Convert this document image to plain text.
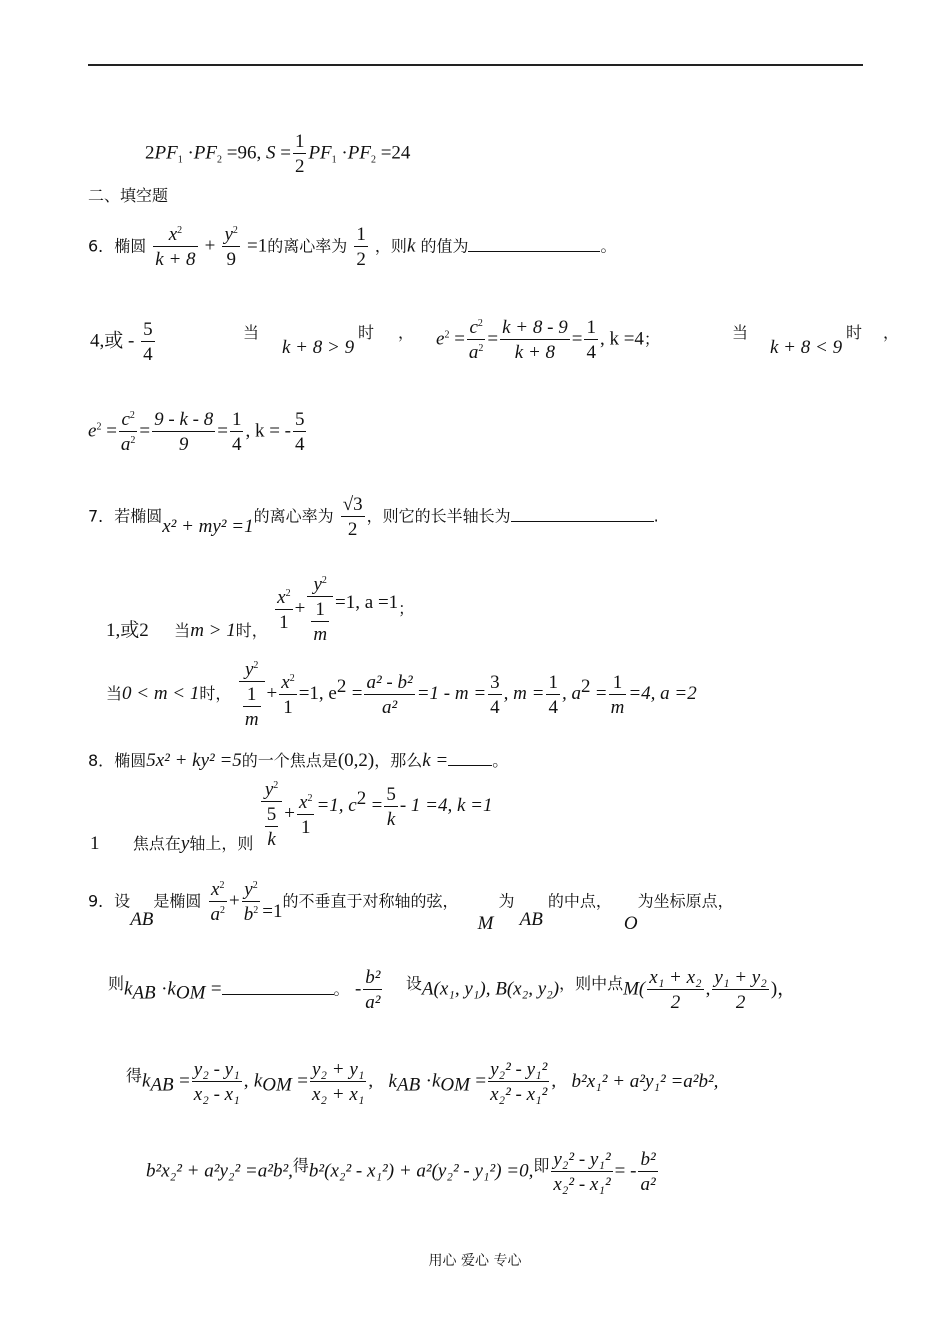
$2PF_1 \cdot PF_2 =96$, $S = \frac{1}{2} PF_1 \cdot PF_2 =24$
二、填空题
6．椭圆 $\frac{x^2}{k + 8} + \frac{y^2}{9} =1$的离心率为 $\frac{1}{2}$ ，则k 的值为	。
4,或 - $\frac{5}{4}$	当
k + 8 > 9
时 ， $e^2 = \frac{c^2}{a^2} = \frac{k + 8 - 9}{k + 8} = \frac{1}{4}$ , k =4；	当
k + 8 < 9
时 ，
$e^2 = \frac{c^2}{a^2} = \frac{9 - k - 8}{9} = \frac{1}{4}$ , k = - $\frac{5}{4}$
7．若椭圆x² + my² =1的离心率为 $\frac{√3}{2}$ ，则它的长半轴长为	.
1,或2 当m > 1时， $\frac{x^2}{1} + \frac{y^2}{\frac{1}{m}} =1$, a =1；
当0 < m < 1时， $\frac{y^2}{\frac{1}{m}} + \frac{x^2}{1} =1$, $e^2 = \frac{\text{a² - b²}}{\text{a²}} =1 - m = \frac{3}{4}$ , $m = \frac{1}{4}$ , $a^2 = \frac{1}{m} =4$, a =2
8．椭圆5x² + ky² =5的一个焦点是(0,2)，那么k =	。
1 焦点在y轴上，则 $\frac{y^2}{\frac{5}{k}} + \frac{x^2}{1} =1$, $c^2 = \frac{5}{k} - 1 =4$, k =1
9．设AB是椭圆 $\frac{x^2}{a^2} + \frac{y^2}{b^2} =1$的不垂直于对称轴的弦， M 为 AB 的中点，O为坐标原点，
则$k_{AB} \cdot k_{OM}$ =	。 - $\frac{\text{b²}}{\text{a²}}$ 设A(x₁, y₁), B(x₂, y₂)，则中点$M( \frac{\text{x₁ + x₂}}{2}$ , $\frac{\text{y₁ + y₂}}{2}$ )，
得$k_{AB} = \frac{\text{y₂ - y₁}}{\text{x₂ - x₁}}$ , $k_{OM} = \frac{\text{y₂ + y₁}}{\text{x₂ + x₁}}$ , $k_{AB} \cdot k_{OM} = \frac{\text{y₂² - y₁²}}{\text{x₂² - x₁²}}$ , b²x₁² + a²y₁² =a²b²,
b²x₂² + a²y₂² =a²b²,得b²(x₂² - x₁²) + a²(y₂² - y₁²) =0,即 $\frac{\text{y₂² - y₁²}}{\text{x₂² - x₁²}}$ = - $\frac{\text{b²}}{\text{a²}}$
用心 爱心 专心
